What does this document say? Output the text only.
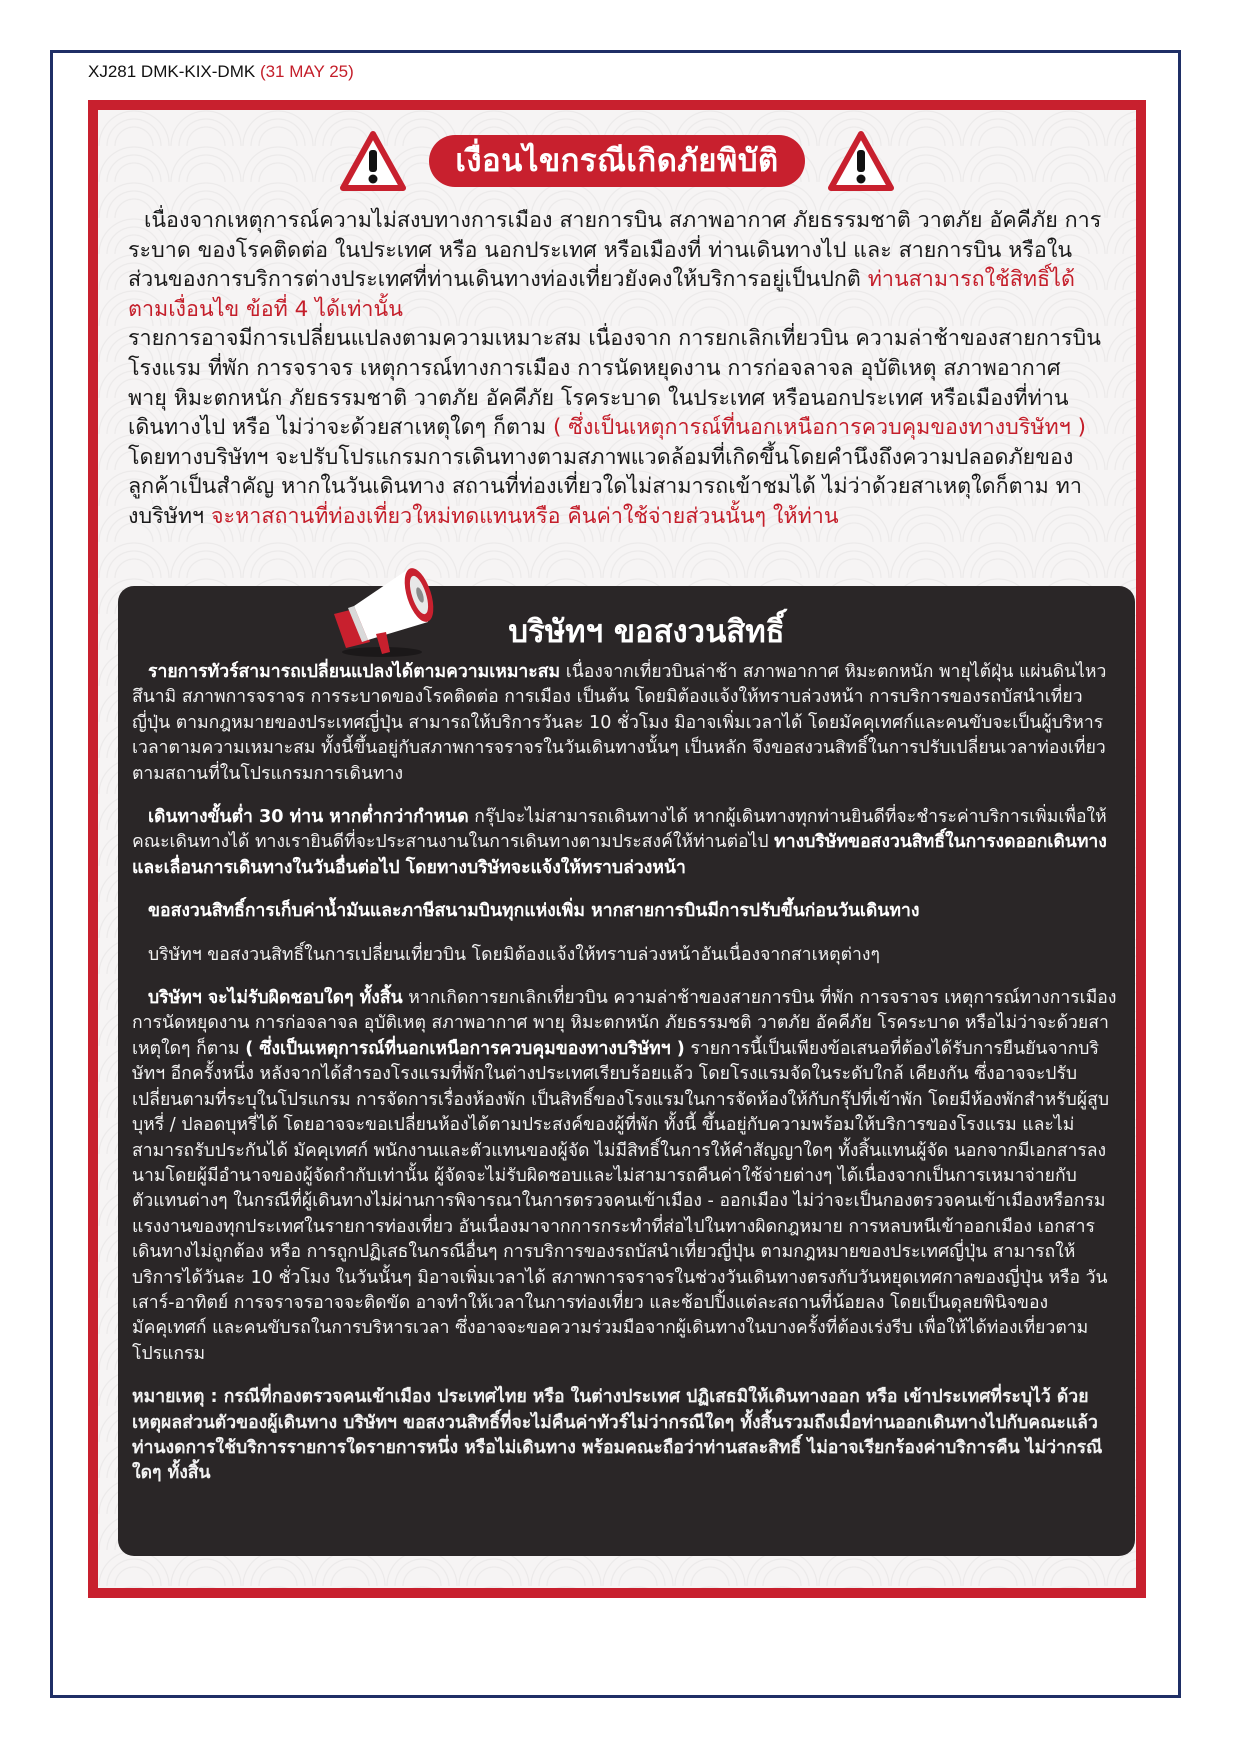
XJ281 DMK-KIX-DMK (31 MAY 25)
เงื่อนไขกรณีเกิดภัยพิบัติ

เนื่องจากเหตุการณ์ความไม่สงบทางการเมือง สายการบิน สภาพอากาศ ภัยธรรมชาติ วาตภัย อัคคีภัย การระบาด ของโรคติดต่อ ในประเทศ หรือ นอกประเทศ หรือเมืองที่ ท่านเดินทางไป และ สายการบิน หรือในส่วนของการบริการต่างประเทศที่ท่านเดินทางท่องเที่ยวยังคงให้บริการอยู่เป็นปกติ ท่านสามารถใช้สิทธิ์ได้ตามเงื่อนไข ข้อที่ 4 ได้เท่านั้น

รายการอาจมีการเปลี่ยนแปลงตามความเหมาะสม เนื่องจาก การยกเลิกเที่ยวบิน ความล่าช้าของสายการบิน โรงแรม ที่พัก การจราจร เหตุการณ์ทางการเมือง การนัดหยุดงาน การก่อจลาจล อุบัติเหตุ สภาพอากาศ พายุ หิมะตกหนัก ภัยธรรมชาติ วาตภัย อัคคีภัย โรคระบาด ในประเทศ หรือนอกประเทศ หรือเมืองที่ท่านเดินทางไป หรือ ไม่ว่าจะด้วยสาเหตุใดๆ ก็ตาม ( ซึ่งเป็นเหตุการณ์ที่นอกเหนือการควบคุมของทางบริษัทฯ ) โดยทางบริษัทฯ จะปรับโปรแกรมการเดินทางตามสภาพแวดล้อมที่เกิดขึ้นโดยคำนึงถึงความปลอดภัยของลูกค้าเป็นสำคัญ หากในวันเดินทาง สถานที่ท่องเที่ยวใดไม่สามารถเข้าชมได้ ไม่ว่าด้วยสาเหตุใดก็ตาม ทางบริษัทฯ จะหาสถานที่ท่องเที่ยวใหม่ทดแทนหรือ คืนค่าใช้จ่ายส่วนนั้นๆ ให้ท่าน

บริษัทฯ ขอสงวนสิทธิ์

รายการทัวร์สามารถเปลี่ยนแปลงได้ตามความเหมาะสม เนื่องจากเที่ยวบินล่าช้า สภาพอากาศ หิมะตกหนัก พายุไต้ฝุ่น แผ่นดินไหว สึนามิ สภาพการจราจร การระบาดของโรคติดต่อ การเมือง เป็นต้น โดยมิต้องแจ้งให้ทราบล่วงหน้า การบริการของรถบัสนำเที่ยวญี่ปุ่น ตามกฎหมายของประเทศญี่ปุ่น สามารถให้บริการวันละ 10 ชั่วโมง มิอาจเพิ่มเวลาได้ โดยมัคคุเทศก์และคนขับจะเป็นผู้บริหารเวลาตามความเหมาะสม ทั้งนี้ขึ้นอยู่กับสภาพการจราจรในวันเดินทางนั้นๆ เป็นหลัก จึงขอสงวนสิทธิ์ในการปรับเปลี่ยนเวลาท่องเที่ยวตามสถานที่ในโปรแกรมการเดินทาง

เดินทางขั้นต่ำ 30 ท่าน หากต่ำกว่ากำหนด กรุ๊ปจะไม่สามารถเดินทางได้ หากผู้เดินทางทุกท่านยินดีที่จะชำระค่าบริการเพิ่มเพื่อให้คณะเดินทางได้ ทางเรายินดีที่จะประสานงานในการเดินทางตามประสงค์ให้ท่านต่อไป ทางบริษัทขอสงวนสิทธิ์ในการงดออกเดินทางและเลื่อนการเดินทางในวันอื่นต่อไป โดยทางบริษัทจะแจ้งให้ทราบล่วงหน้า

ขอสงวนสิทธิ์การเก็บค่าน้ำมันและภาษีสนามบินทุกแห่งเพิ่ม หากสายการบินมีการปรับขึ้นก่อนวันเดินทาง

บริษัทฯ ขอสงวนสิทธิ์ในการเปลี่ยนเที่ยวบิน โดยมิต้องแจ้งให้ทราบล่วงหน้าอันเนื่องจากสาเหตุต่างๆ

บริษัทฯ จะไม่รับผิดชอบใดๆ ทั้งสิ้น หากเกิดการยกเลิกเที่ยวบิน ความล่าช้าของสายการบิน ที่พัก การจราจร เหตุการณ์ทางการเมือง การนัดหยุดงาน การก่อจลาจล อุบัติเหตุ สภาพอากาศ พายุ หิมะตกหนัก ภัยธรรมชติ วาตภัย อัคคีภัย โรคระบาด หรือไม่ว่าจะด้วยสาเหตุใดๆ ก็ตาม ( ซึ่งเป็นเหตุการณ์ที่นอกเหนือการควบคุมของทางบริษัทฯ ) รายการนี้เป็นเพียงข้อเสนอที่ต้องได้รับการยืนยันจากบริษัทฯ อีกครั้งหนึ่ง หลังจากได้สำรองโรงแรมที่พักในต่างประเทศเรียบร้อยแล้ว โดยโรงแรมจัดในระดับใกล้ เคียงกัน ซึ่งอาจจะปรับเปลี่ยนตามที่ระบุในโปรแกรม การจัดการเรื่องห้องพัก เป็นสิทธิ์ของโรงแรมในการจัดห้องให้กับกรุ๊ปที่เข้าพัก โดยมีห้องพักสำหรับผู้สูบบุหรี่ / ปลอดบุหรี่ได้ โดยอาจจะขอเปลี่ยนห้องได้ตามประสงค์ของผู้ที่พัก ทั้งนี้ ขึ้นอยู่กับความพร้อมให้บริการของโรงแรม และไม่สามารถรับประกันได้ มัคคุเทศก์ พนักงานและตัวแทนของผู้จัด ไม่มีสิทธิ์ในการให้คำสัญญาใดๆ ทั้งสิ้นแทนผู้จัด นอกจากมีเอกสารลงนามโดยผู้มีอำนาจของผู้จัดกำกับเท่านั้น ผู้จัดจะไม่รับผิดชอบและไม่สามารถคืนค่าใช้จ่ายต่างๆ ได้เนื่องจากเป็นการเหมาจ่ายกับตัวแทนต่างๆ ในกรณีที่ผู้เดินทางไม่ผ่านการพิจารณาในการตรวจคนเข้าเมือง - ออกเมือง ไม่ว่าจะเป็นกองตรวจคนเข้าเมืองหรือกรมแรงงานของทุกประเทศในรายการท่องเที่ยว อันเนื่องมาจากการกระทำที่ส่อไปในทางผิดกฎหมาย การหลบหนีเข้าออกเมือง เอกสารเดินทางไม่ถูกต้อง หรือ การถูกปฏิเสธในกรณีอื่นๆ การบริการของรถบัสนำเที่ยวญี่ปุ่น ตามกฎหมายของประเทศญี่ปุ่น สามารถให้บริการได้วันละ 10 ชั่วโมง ในวันนั้นๆ มิอาจเพิ่มเวลาได้ สภาพการจราจรในช่วงวันเดินทางตรงกับวันหยุดเทศกาลของญี่ปุ่น หรือ วันเสาร์-อาทิตย์ การจราจรอาจจะติดขัด อาจทำให้เวลาในการท่องเที่ยว และช้อปปิ้งแต่ละสถานที่น้อยลง โดยเป็นดุลยพินิจของมัคคุเทศก์ และคนขับรถในการบริหารเวลา ซึ่งอาจจะขอความร่วมมือจากผู้เดินทางในบางครั้งที่ต้องเร่งรีบ เพื่อให้ได้ท่องเที่ยวตามโปรแกรม

หมายเหตุ : กรณีที่กองตรวจคนเข้าเมือง ประเทศไทย หรือ ในต่างประเทศ ปฏิเสธมิให้เดินทางออก หรือ เข้าประเทศที่ระบุไว้ ด้วยเหตุผลส่วนตัวของผู้เดินทาง บริษัทฯ ขอสงวนสิทธิ์ที่จะไม่คืนค่าทัวร์ไม่ว่ากรณีใดๆ ทั้งสิ้นรวมถึงเมื่อท่านออกเดินทางไปกับคณะแล้ว ท่านงดการใช้บริการรายการใดรายการหนึ่ง หรือไม่เดินทาง พร้อมคณะถือว่าท่านสละสิทธิ์ ไม่อาจเรียกร้องค่าบริการคืน ไม่ว่ากรณีใดๆ ทั้งสิ้น
